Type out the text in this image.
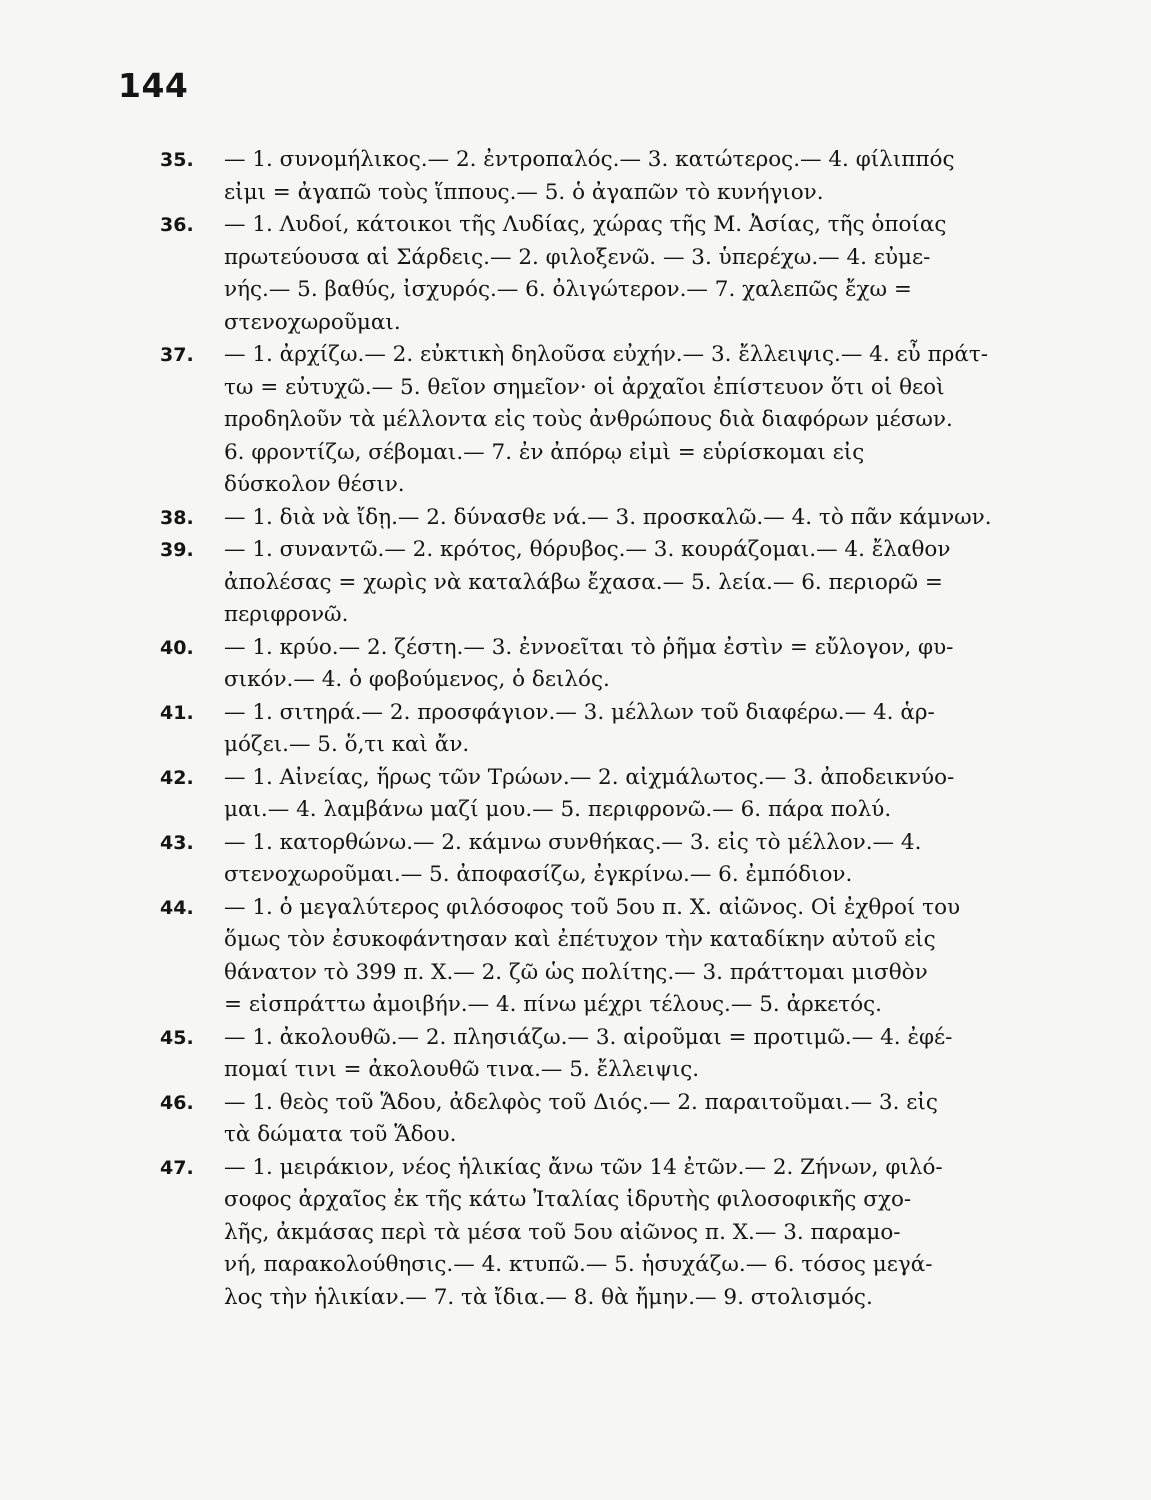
144
35.	— 1. συνομήλικος.— 2. ἐντροπαλός.— 3. κατώτερος.— 4. φίλιππός
εἰμι = ἀγαπῶ τοὺς ἵππους.— 5. ὁ ἀγαπῶν τὸ κυνήγιον.
36.	— 1. Λυδοί, κάτοικοι τῆς Λυδίας, χώρας τῆς Μ. Ἀσίας, τῆς ὁποίας
πρωτεύουσα αἱ Σάρδεις.— 2. φιλοξενῶ. — 3. ὑπερέχω.— 4. εὐμε-
νής.— 5. βαθύς, ἰσχυρός.— 6. ὀλιγώτερον.— 7. χαλεπῶς ἔχω =
στενοχωροῦμαι.
37.	— 1. ἀρχίζω.— 2. εὐκτικὴ δηλοῦσα εὐχήν.— 3. ἔλλειψις.— 4. εὖ πράτ-
τω = εὐτυχῶ.— 5. θεῖον σημεῖον· οἱ ἀρχαῖοι ἐπίστευον ὅτι οἱ θεοὶ
προδηλοῦν τὰ μέλλοντα εἰς τοὺς ἀνθρώπους διὰ διαφόρων μέσων.
6. φροντίζω, σέβομαι.— 7. ἐν ἀπόρῳ εἰμὶ = εὑρίσκομαι εἰς
δύσκολον θέσιν.
38.	— 1. διὰ νὰ ἴδῃ.— 2. δύνασθε νά.— 3. προσκαλῶ.— 4. τὸ πᾶν κάμνων.
39.	— 1. συναντῶ.— 2. κρότος, θόρυβος.— 3. κουράζομαι.— 4. ἔλαθον
ἀπολέσας = χωρὶς νὰ καταλάβω ἔχασα.— 5. λεία.— 6. περιορῶ =
περιφρονῶ.
40.	— 1. κρύο.— 2. ζέστη.— 3. ἐννοεῖται τὸ ῥῆμα ἐστὶν = εὔλογον, φυ-
σικόν.— 4. ὁ φοβούμενος, ὁ δειλός.
41.	— 1. σιτηρά.— 2. προσφάγιον.— 3. μέλλων τοῦ διαφέρω.— 4. ἁρ-
μόζει.— 5. ὅ,τι καὶ ἄν.
42.	— 1. Αἰνείας, ἥρως τῶν Τρώων.— 2. αἰχμάλωτος.— 3. ἀποδεικνύο-
μαι.— 4. λαμβάνω μαζί μου.— 5. περιφρονῶ.— 6. πάρα πολύ.
43.	— 1. κατορθώνω.— 2. κάμνω συνθήκας.— 3. εἰς τὸ μέλλον.— 4.
στενοχωροῦμαι.— 5. ἀποφασίζω, ἐγκρίνω.— 6. ἐμπόδιον.
44.	— 1. ὁ μεγαλύτερος φιλόσοφος τοῦ 5ου π. Χ. αἰῶνος. Οἱ ἐχθροί του
ὅμως τὸν ἐσυκοφάντησαν καὶ ἐπέτυχον τὴν καταδίκην αὐτοῦ εἰς
θάνατον τὸ 399 π. Χ.— 2. ζῶ ὡς πολίτης.— 3. πράττομαι μισθὸν
= εἰσπράττω ἀμοιβήν.— 4. πίνω μέχρι τέλους.— 5. ἀρκετός.
45.	— 1. ἀκολουθῶ.— 2. πλησιάζω.— 3. αἱροῦμαι = προτιμῶ.— 4. ἐφέ-
πομαί τινι = ἀκολουθῶ τινα.— 5. ἔλλειψις.
46.	— 1. θεὸς τοῦ Ἅδου, ἀδελφὸς τοῦ Διός.— 2. παραιτοῦμαι.— 3. εἰς
τὰ δώματα τοῦ Ἅδου.
47.	— 1. μειράκιον, νέος ἡλικίας ἄνω τῶν 14 ἐτῶν.— 2. Ζήνων, φιλό-
σοφος ἀρχαῖος ἐκ τῆς κάτω Ἰταλίας ἱδρυτὴς φιλοσοφικῆς σχο-
λῆς, ἀκμάσας περὶ τὰ μέσα τοῦ 5ου αἰῶνος π. Χ.— 3. παραμο-
νή, παρακολούθησις.— 4. κτυπῶ.— 5. ἡσυχάζω.— 6. τόσος μεγά-
λος τὴν ἡλικίαν.— 7. τὰ ἴδια.— 8. θὰ ἤμην.— 9. στολισμός.
